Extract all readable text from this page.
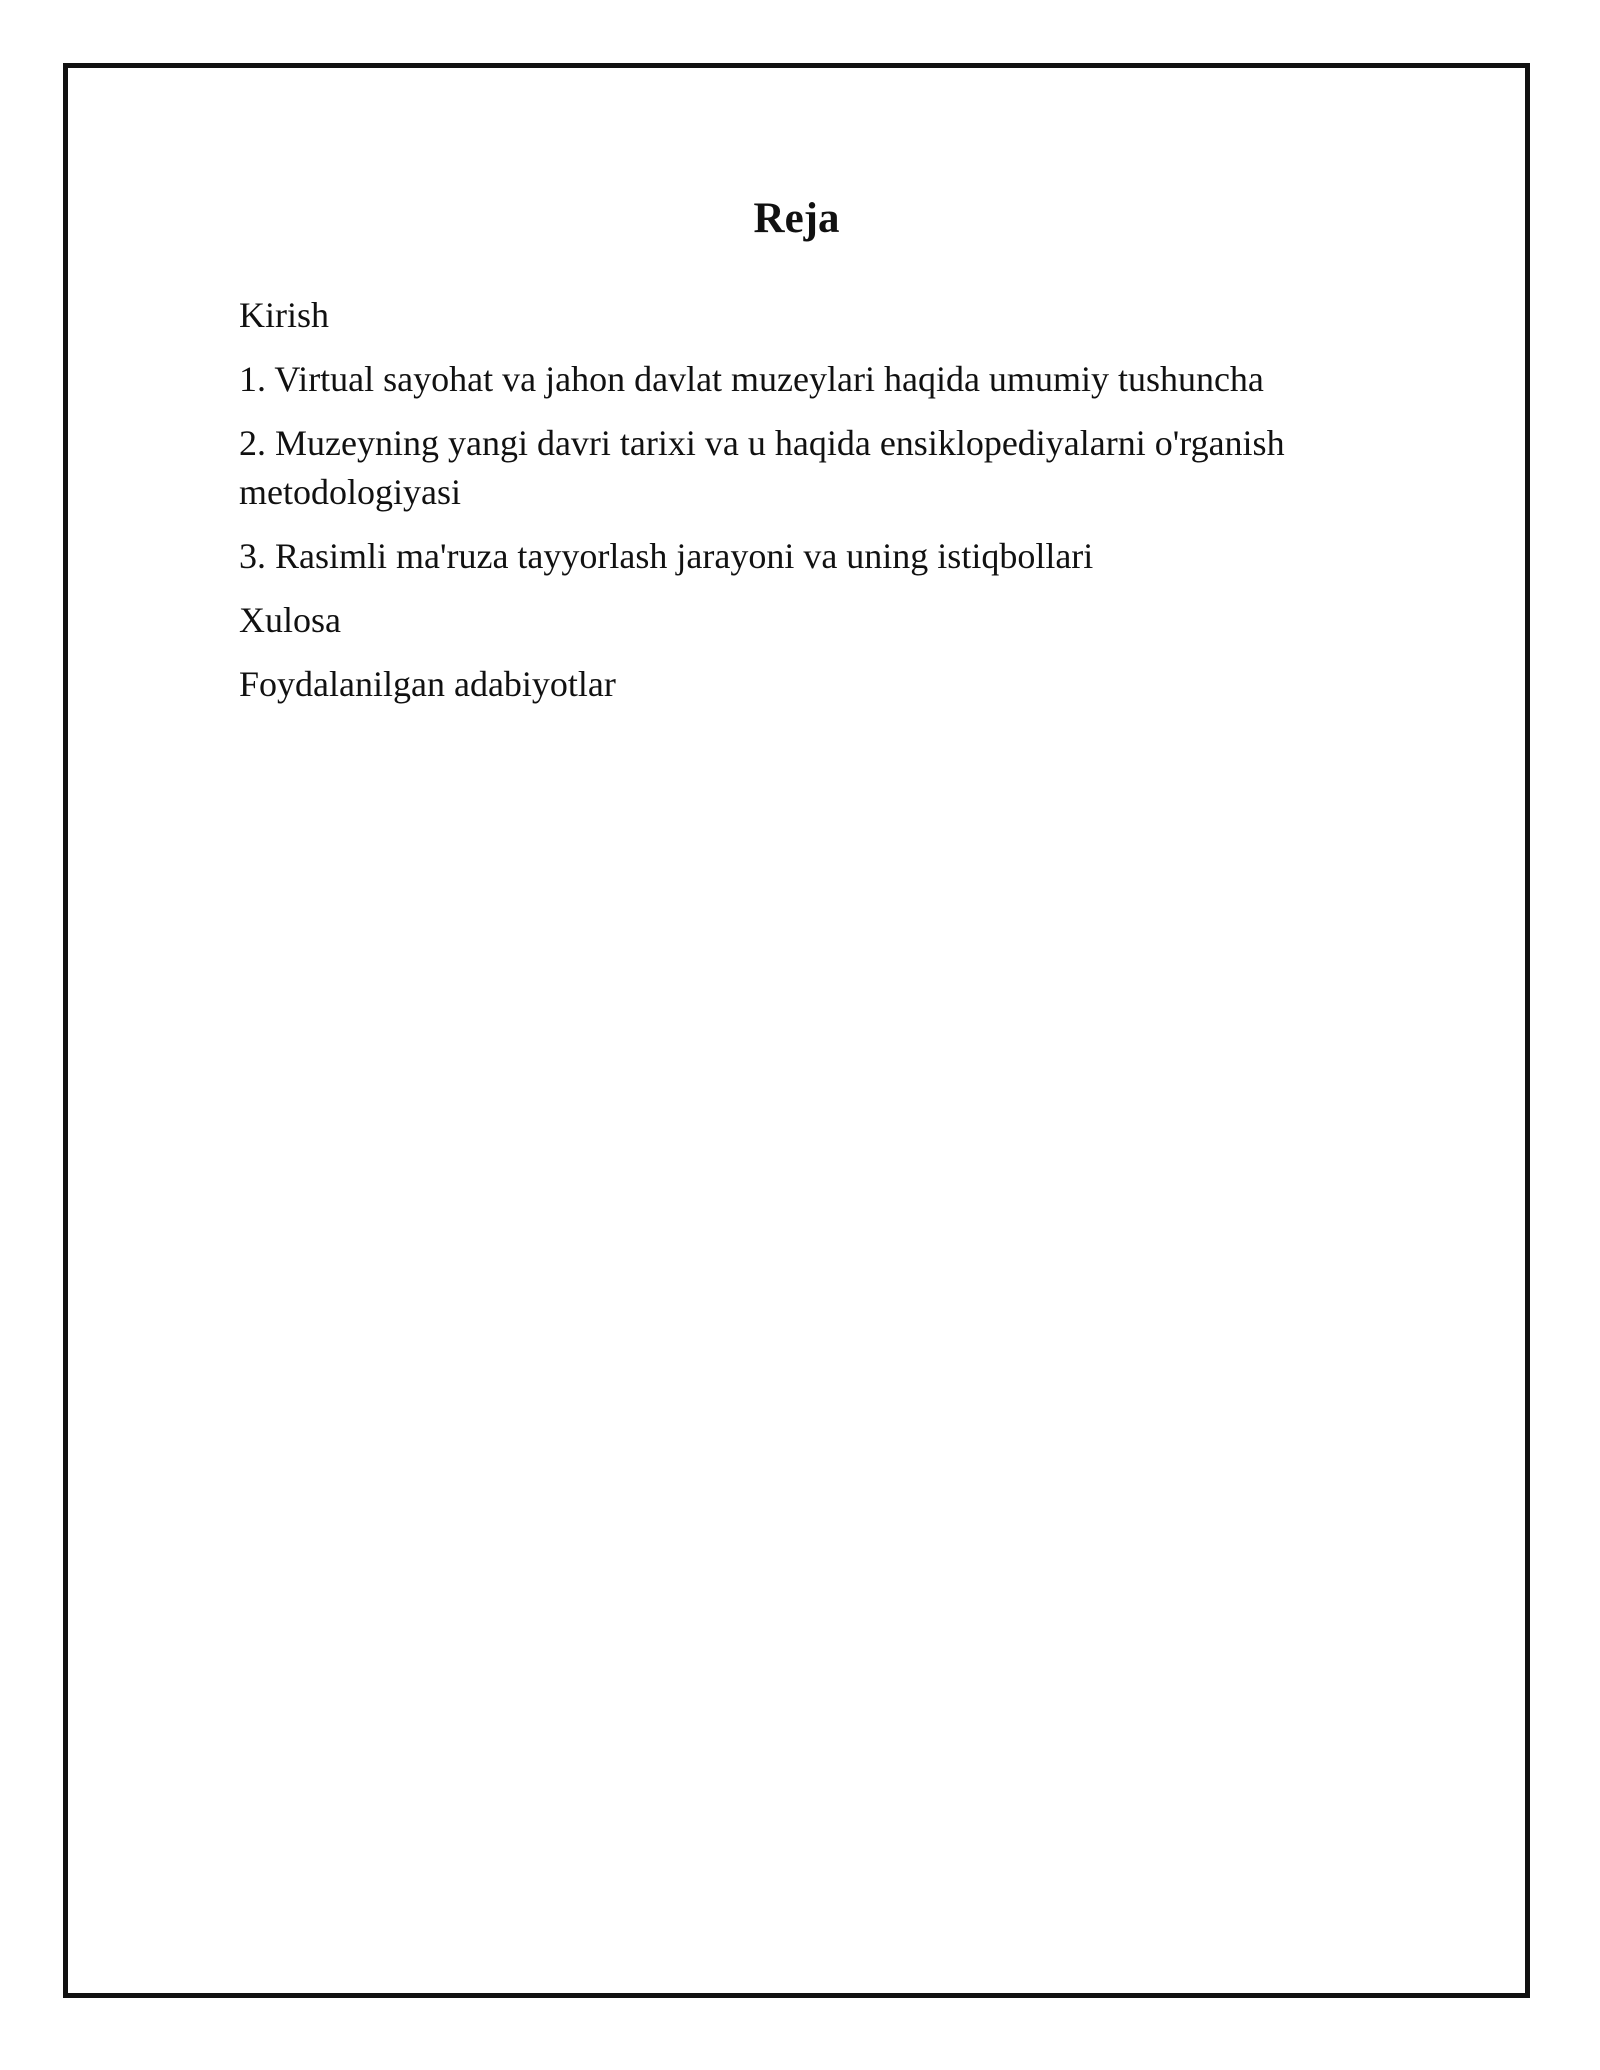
Reja
Kirish
1. Virtual sayohat va jahon davlat muzeylari haqida umumiy tushuncha
2. Muzeyning yangi davri tarixi va u haqida ensiklopediyalarni o'rganish metodologiyasi
3. Rasimli ma'ruza tayyorlash jarayoni va uning istiqbollari
Xulosa
Foydalanilgan adabiyotlar
